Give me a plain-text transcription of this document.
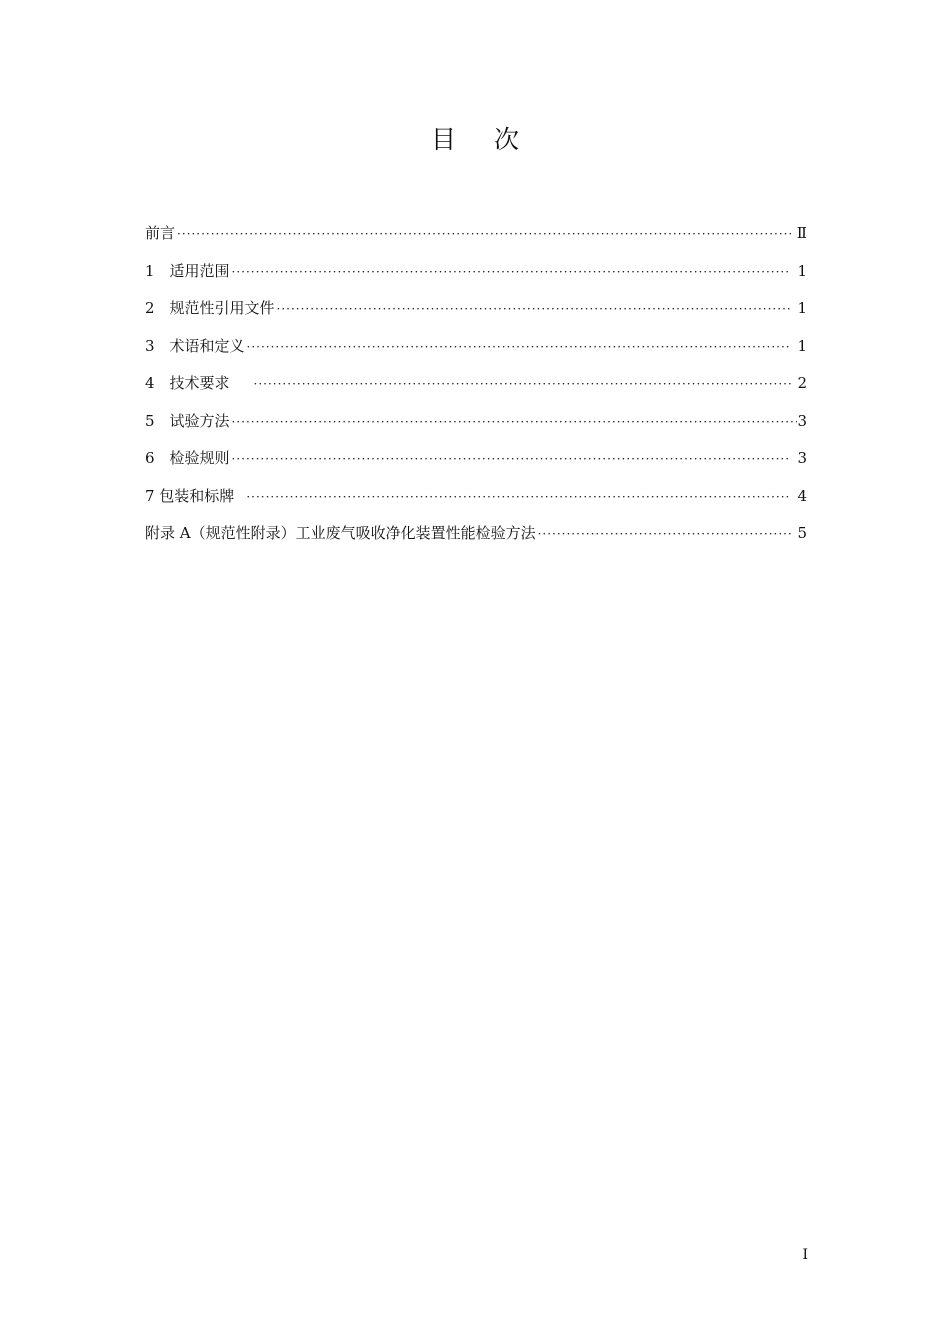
目次
前言 ·····	Ⅱ
1　适用范围 ·····	1
2　规范性引用文件 ·····	1
3　术语和定义 ·····	1
4　技术要求 ·····	2
5　试验方法 ·····	3
6　检验规则 ·····	3
7 包装和标牌 ·····	4
附录 A（规范性附录）工业废气吸收净化装置性能检验方法 ·····	5
I
